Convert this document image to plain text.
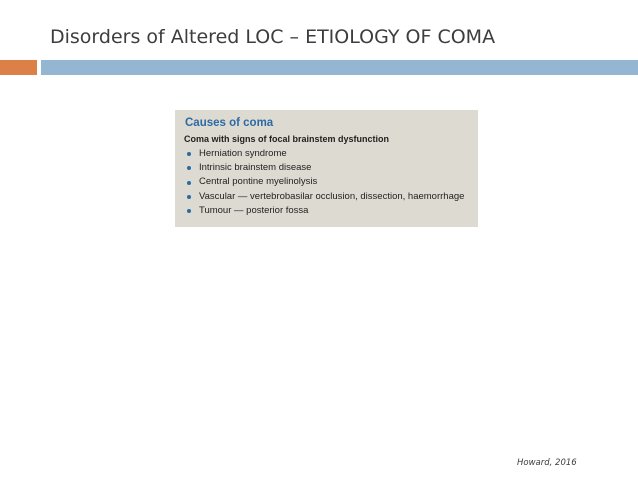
Disorders of Altered LOC – ETIOLOGY OF COMA
Causes of coma
Coma with signs of focal brainstem dysfunction
Herniation syndrome
Intrinsic brainstem disease
Central pontine myelinolysis
Vascular — vertebrobasilar occlusion, dissection, haemorrhage
Tumour — posterior fossa
Howard, 2016
